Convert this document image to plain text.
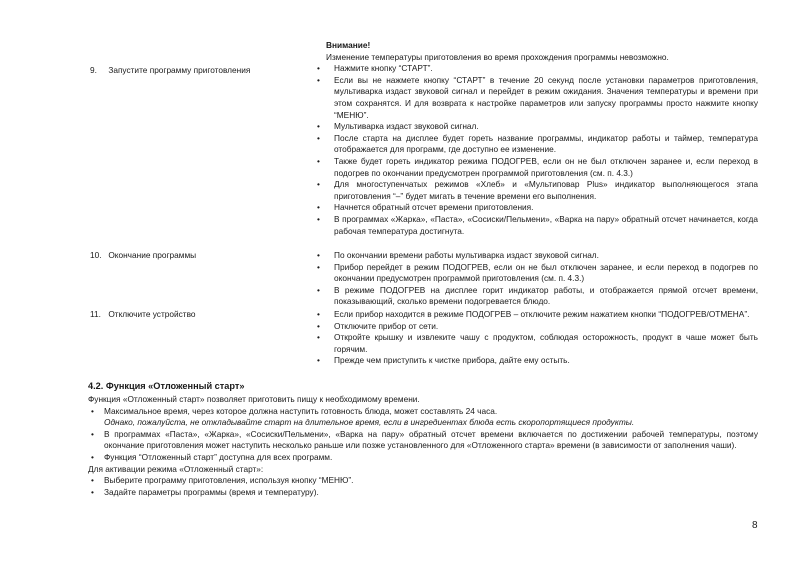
9. Запустите программу приготовления
Внимание!
Изменение температуры приготовления во время прохождения программы невозможно.
• Нажмите кнопку “СТАРТ”.
• Если вы не нажмете кнопку “СТАРТ” в течение 20 секунд после установки параметров приготовления, мультиварка издаст звуковой сигнал и перейдет в режим ожидания. Значения температуры и времени при этом сохранятся. И для возврата к настройке параметров или запуску программы просто нажмите кнопку “МЕНЮ”.
• Мультиварка издаст звуковой сигнал.
• После старта на дисплее будет гореть название программы, индикатор работы и таймер, температура отображается для программ, где доступно ее изменение.
• Также будет гореть индикатор режима ПОДОГРЕВ, если он не был отключен заранее и, если переход в подогрев по окончании предусмотрен программой приготовления (см. п. 4.3.)
• Для многоступенчатых режимов «Хлеб» и «Мультиповар Plus» индикатор выполняющегося этапа приготовления “–” будет мигать в течение времени его выполнения.
• Начнется обратный отсчет времени приготовления.
• В программах «Жарка», «Паста», «Сосиски/Пельмени», «Варка на пару» обратный отсчет начинается, когда рабочая температура достигнута.
10. Окончание программы	• По окончании времени работы мультиварка издаст звуковой сигнал.
• Прибор перейдет в режим ПОДОГРЕВ, если он не был отключен заранее, и если переход в подогрев по окончании предусмотрен программой приготовления (см. п. 4.3.)
• В режиме ПОДОГРЕВ на дисплее горит индикатор работы, и отображается прямой отсчет времени, показывающий, сколько времени подогревается блюдо.
11. Отключите устройство	• Если прибор находится в режиме ПОДОГРЕВ – отключите режим нажатием кнопки “ПОДОГРЕВ/ОТМЕНА”.
• Отключите прибор от сети.
• Откройте крышку и извлеките чашу с продуктом, соблюдая осторожность, продукт в чаше может быть горячим.
• Прежде чем приступить к чистке прибора, дайте ему остыть.
4.2. Функция «Отложенный старт»

Функция «Отложенный старт» позволяет приготовить пищу к необходимому времени.

• Максимальное время, через которое должна наступить готовность блюда, может составлять 24 часа.
Однако, пожалуйста, не откладывайте старт на длительное время, если в ингредиентах блюда есть скоропортящиеся продукты.
• В программах «Паста», «Жарка», «Сосиски/Пельмени», «Варка на пару» обратный отсчет времени включается по достижении рабочей температуры, поэтому окончание приготовления может наступить несколько раньше или позже установленного для «Отложенного старта» времени (в зависимости от заполнения чаши).
• Функция “Отложенный старт” доступна для всех программ.

Для активации режима «Отложенный старт»:

• Выберите программу приготовления, используя кнопку “МЕНЮ”.
• Задайте параметры программы (время и температуру).
8
